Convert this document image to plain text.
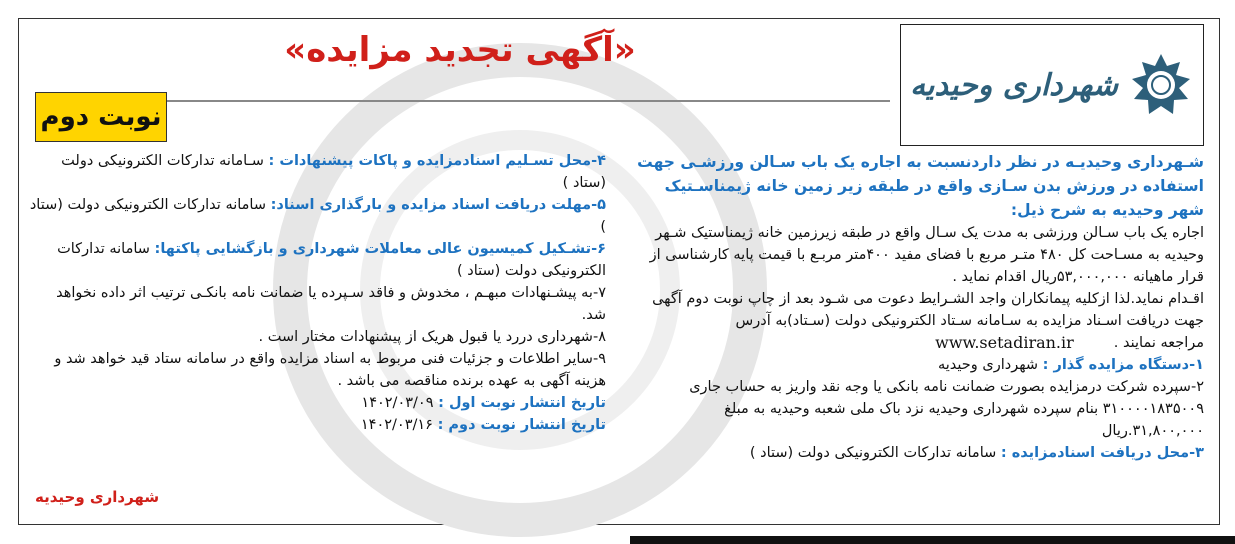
شهرداری وحیدیه
«آگهی تجدید مزایده»
نوبت دوم

شـهرداری وحیدیـه در نظر داردنسبت به اجاره یک باب سـالن ورزشـی جهت استفاده در ورزش بدن سـازی واقع در طبقه زیر زمین خانه ژیمناسـتیک شهر وحیدیه به شرح ذیل:

اجاره یک باب سـالن ورزشی به مدت یک سـال واقع در طبقه زیرزمین خانه ژیمناستیک شـهر وحیدیه به مسـاحت کل ۴۸۰ متـر مربع با فضای مفید ۴۰۰متر مربـع با قیمت پایه کارشناسی از قرار ماهیانه ۵۳,۰۰۰,۰۰۰ریال اقدام نماید .

اقـدام نماید.لذا ازکلیه پیمانکاران واجد الشـرایط دعوت می شـود بعد از چاپ نوبت دوم آگهی جهت دریافت اسـناد مزایده به سـامانه سـتاد الکترونیکی دولت (سـتاد)به آدرس

مراجعه نمایند .
www.setadiran.ir

۱-دستگاه مزایده گذار : شهرداری وحیدیه

۲-سپرده شرکت درمزایده بصورت ضمانت نامه بانکی یا وجه نقد واریز به حساب جاری ۳۱۰۰۰۰۱۸۳۵۰۰۹ بنام سپرده شهرداری وحیدیه نزد باک ملی شعبه وحیدیه به مبلغ ۳۱,۸۰۰,۰۰۰.ریال

۳-محل دریافت اسنادمزایده : سامانه تدارکات الکترونیکی دولت (ستاد )

۴-محل تسـلیم اسنادمزایده و پاکات پیشنهادات : سـامانه تدارکات الکترونیکی دولت (ستاد )

۵-مهلت دریافت اسناد مزایده و بارگذاری اسناد: سامانه تدارکات الکترونیکی دولت (ستاد )

۶-تشـکیل کمیسیون عالی معاملات شهرداری و بازگشایی پاکتها: سامانه تدارکات الکترونیکی دولت (ستاد )

۷-به پیشـنهادات مبهـم ، مخدوش و فاقد سـپرده یا ضمانت نامه بانکـی ترتیب اثر داده نخواهد شد.

۸-شهرداری دررد یا قبول هریک از پیشنهادات مختار است .

۹-سایر اطلاعات و جزئیات فنی مربوط به اسناد مزایده واقع در سامانه ستاد قید خواهد شد و هزینه آگهی به عهده برنده مناقصه می باشد .

تاریخ انتشار نوبت اول : ۱۴۰۲/۰۳/۰۹

تاریخ انتشار نوبت دوم : ۱۴۰۲/۰۳/۱۶

شهرداری وحیدیه
